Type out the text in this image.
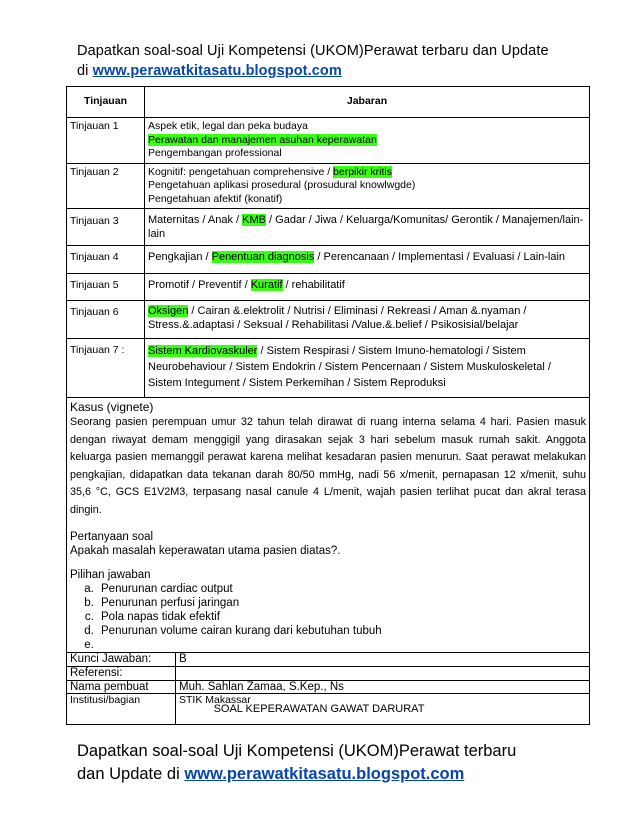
Dapatkan soal-soal Uji Kompetensi (UKOM)Perawat terbaru dan Update
di www.perawatkitasatu.blogspot.com
Tinjauan	Jabaran
Tinjauan 1	Aspek etik, legal dan peka budaya
Perawatan dan manajemen asuhan keperawatan
Pengembangan professional

Tinjauan 2	Kognitif: pengetahuan comprehensive / berpikir kritis
Pengetahuan aplikasi prosedural (prosudural knowlwgde)
Pengetahuan afektif (konatif)

Tinjauan 3	Maternitas / Anak / KMB / Gadar / Jiwa / Keluarga/Komunitas/ Gerontik / Manajemen/lain-lain
Tinjauan 4	Pengkajian / Penentuan diagnosis / Perencanaan / Implementasi / Evaluasi / Lain-lain
Tinjauan 5	Promotif / Preventif / Kuratif / rehabilitatif
Tinjauan 6	Oksigen / Cairan &.elektrolit / Nutrisi / Eliminasi / Rekreasi / Aman &.nyaman /
Stress.&.adaptasi / Seksual / Rehabilitasi /Value.&.belief / Psikosisial/belajar

Tinjauan 7 :	Sistem Kardiovaskuler / Sistem Respirasi / Sistem Imuno-hematologi / Sistem Neurobehaviour / Sistem Endokrin / Sistem Pencernaan / Sistem Muskuloskeletal / Sistem Integument / Sistem Perkemihan / Sistem Reproduksi
Kasus (vignete)
Seorang pasien perempuan umur 32 tahun telah dirawat di ruang interna selama 4 hari. Pasien masuk dengan riwayat demam menggigil yang dirasakan sejak 3 hari sebelum masuk rumah sakit. Anggota keluarga pasien memanggil perawat karena melihat kesadaran pasien menurun. Saat perawat melakukan pengkajian, didapatkan data tekanan darah 80/50 mmHg, nadi 56 x/menit, pernapasan 12 x/menit, suhu 35,6 °C, GCS E1V2M3, terpasang nasal canule 4 L/menit, wajah pasien terlihat pucat dan akral terasa dingin.
Pertanyaan soal
Apakah masalah keperawatan utama pasien diatas?.
Pilihan jawaban
a. Penurunan cardiac output
b. Penurunan perfusi jaringan
c. Pola napas tidak efektif
d. Penurunan volume cairan kurang dari kebutuhan tubuh
e.
Kunci Jawaban:	B
Referensi:	
Nama pembuat	Muh. Sahlan Zamaa, S.Kep., Ns
Institusi/bagian	STIK Makassar
SOAL KEPERAWATAN GAWAT DARURAT
Dapatkan soal-soal Uji Kompetensi (UKOM)Perawat terbaru
dan Update di www.perawatkitasatu.blogspot.com
